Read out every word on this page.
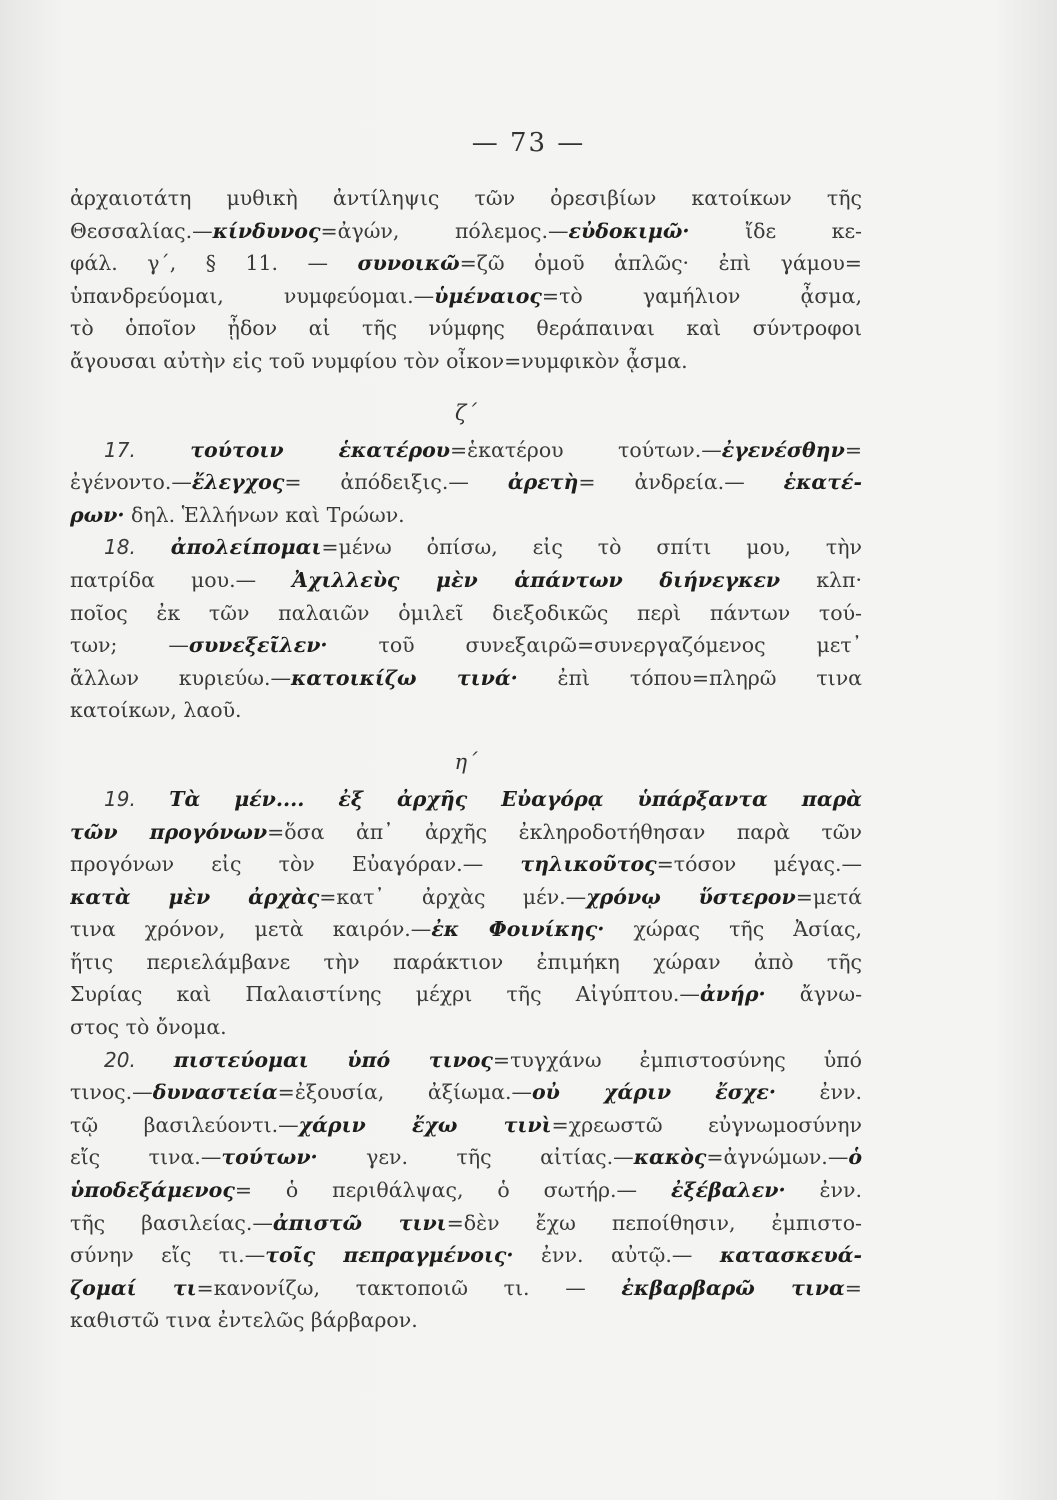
— 73 —
ἀρχαιοτάτη μυθικὴ ἀντίληψις τῶν ὀρεσιβίων κατοίκων τῆς
Θεσσαλίας.—κίνδυνος=ἀγών, πόλεμος.—εὐδοκιμῶ· ἴδε κε-
φάλ. γ΄, § 11. — συνοικῶ=ζῶ ὁμοῦ ἁπλῶς· ἐπὶ γάμου=
ὑπανδρεύομαι, νυμφεύομαι.—ὑμέναιος=τὸ γαμήλιον ᾆσμα,
τὸ ὁποῖον ᾖδον αἱ τῆς νύμφης θεράπαιναι καὶ σύντροφοι
ἄγουσαι αὐτὴν εἰς τοῦ νυμφίου τὸν οἶκον=νυμφικὸν ᾆσμα.
ζ΄
17.	τούτοιν ἑκατέρου=ἑκατέρου τούτων.—ἐγενέσθην=
ἐγένοντο.—ἔλεγχος= ἀπόδειξις.— ἀρετὴ= ἀνδρεία.— ἑκατέ-
ρων· δηλ. Ἑλλήνων καὶ Τρώων.
18. ἀπολείπομαι=μένω ὀπίσω, εἰς τὸ σπίτι μου, τὴν
πατρίδα μου.— Ἀχιλλεὺς μὲν ἁπάντων διήνεγκεν κλπ·
ποῖος ἐκ τῶν παλαιῶν ὁμιλεῖ διεξοδικῶς περὶ πάντων τού-
των; —συνεξεῖλεν· τοῦ συνεξαιρῶ=συνεργαζόμενος μετ᾽
ἄλλων κυριεύω.—κατοικίζω τινά· ἐπὶ τόπου=πληρῶ τινα
κατοίκων, λαοῦ.
η΄
19. Τὰ μέν.... ἐξ ἀρχῆς Εὐαγόρᾳ ὑπάρξαντα παρὰ
τῶν προγόνων=ὅσα ἀπ᾽ ἀρχῆς ἐκληροδοτήθησαν παρὰ τῶν
προγόνων εἰς τὸν Εὐαγόραν.— τηλικοῦτος=τόσον μέγας.—
κατὰ μὲν ἀρχὰς=κατ᾽ ἀρχὰς μέν.—χρόνῳ ὕστερον=μετά
τινα χρόνον, μετὰ καιρόν.—ἐκ Φοινίκης· χώρας τῆς Ἀσίας,
ἥτις περιελάμβανε τὴν παράκτιον ἐπιμήκη χώραν ἀπὸ τῆς
Συρίας καὶ Παλαιστίνης μέχρι τῆς Αἰγύπτου.—ἀνήρ· ἄγνω-
στος τὸ ὄνομα.
20. πιστεύομαι ὑπό τινος=τυγχάνω ἐμπιστοσύνης ὑπό
τινος.—δυναστεία=ἐξουσία, ἀξίωμα.—οὐ χάριν ἔσχε· ἐνν.
τῷ βασιλεύοντι.—χάριν ἔχω τινὶ=χρεωστῶ εὐγνωμοσύνην
εἴς τινα.—τούτων· γεν. τῆς αἰτίας.—κακὸς=ἀγνώμων.—ὁ
ὑποδεξάμενος= ὁ περιθάλψας, ὁ σωτήρ.— ἐξέβαλεν· ἐνν.
τῆς βασιλείας.—ἀπιστῶ τινι=δὲν ἔχω πεποίθησιν, ἐμπιστο-
σύνην εἴς τι.—τοῖς πεπραγμένοις· ἐνν. αὐτῷ.— κατασκευά-
ζομαί τι=κανονίζω, τακτοποιῶ τι. — ἐκβαρβαρῶ τινα=
καθιστῶ τινα ἐντελῶς βάρβαρον.
